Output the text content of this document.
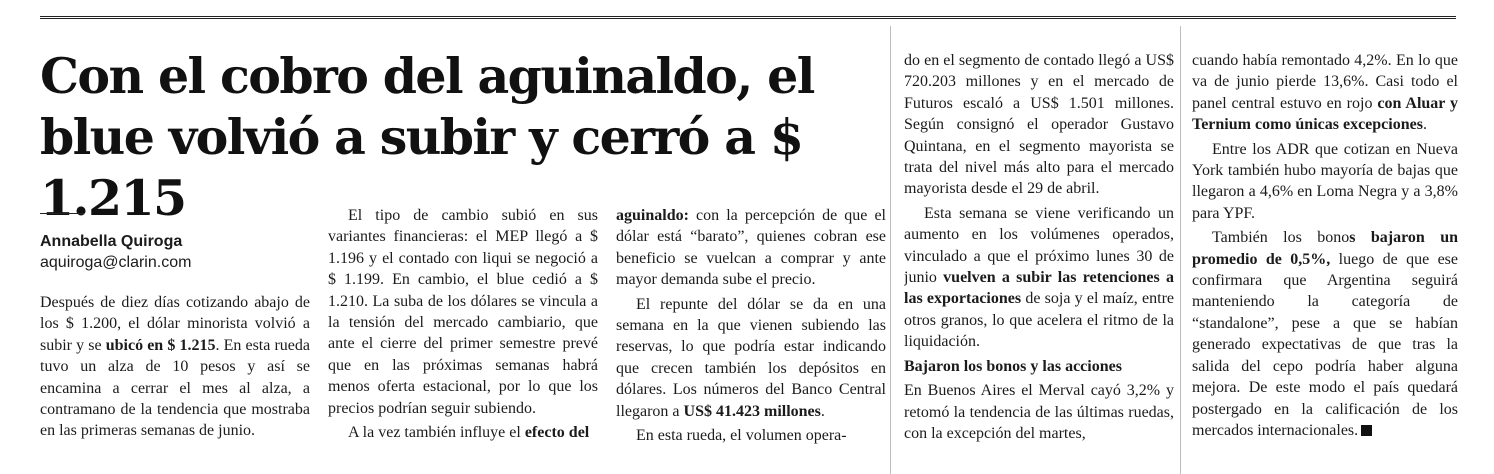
Con el cobro del aguinaldo, el blue volvió a subir y cerró a $ 1.215
Annabella Quiroga
aquiroga@clarin.com

Después de diez días cotizando abajo de los $ 1.200, el dólar minorista volvió a subir y se ubicó en $ 1.215. En esta rueda tuvo un alza de 10 pesos y así se encamina a cerrar el mes al alza, a contramano de la tendencia que mostraba en las primeras semanas de junio.

El tipo de cambio subió en sus variantes financieras: el MEP llegó a $ 1.196 y el contado con liqui se negoció a $ 1.199. En cambio, el blue cedió a $ 1.210. La suba de los dólares se vincula a la tensión del mercado cambiario, que ante el cierre del primer semestre prevé que en las próximas semanas habrá menos oferta estacional, por lo que los precios podrían seguir subiendo.

A la vez también influye el efecto del

aguinaldo: con la percepción de que el dólar está “barato”, quienes cobran ese beneficio se vuelcan a comprar y ante mayor demanda sube el precio.

El repunte del dólar se da en una semana en la que vienen subiendo las reservas, lo que podría estar indicando que crecen también los depósitos en dólares. Los números del Banco Central llegaron a US$ 41.423 millones.

En esta rueda, el volumen opera-

do en el segmento de contado llegó a US$ 720.203 millones y en el mercado de Futuros escaló a US$ 1.501 millones. Según consignó el operador Gustavo Quintana, en el segmento mayorista se trata del nivel más alto para el mercado mayorista desde el 29 de abril.

Esta semana se viene verificando un aumento en los volúmenes operados, vinculado a que el próximo lunes 30 de junio vuelven a subir las retenciones a las exportaciones de soja y el maíz, entre otros granos, lo que acelera el ritmo de la liquidación.

Bajaron los bonos y las acciones

En Buenos Aires el Merval cayó 3,2% y retomó la tendencia de las últimas ruedas, con la excepción del martes,

cuando había remontado 4,2%. En lo que va de junio pierde 13,6%. Casi todo el panel central estuvo en rojo con Aluar y Ternium como únicas excepciones.

Entre los ADR que cotizan en Nueva York también hubo mayoría de bajas que llegaron a 4,6% en Loma Negra y a 3,8% para YPF.

También los bonos bajaron un promedio de 0,5%, luego de que ese confirmara que Argentina seguirá manteniendo la categoría de “standalone”, pese a que se habían generado expectativas de que tras la salida del cepo podría haber alguna mejora. De este modo el país quedará postergado en la calificación de los mercados internacionales.
